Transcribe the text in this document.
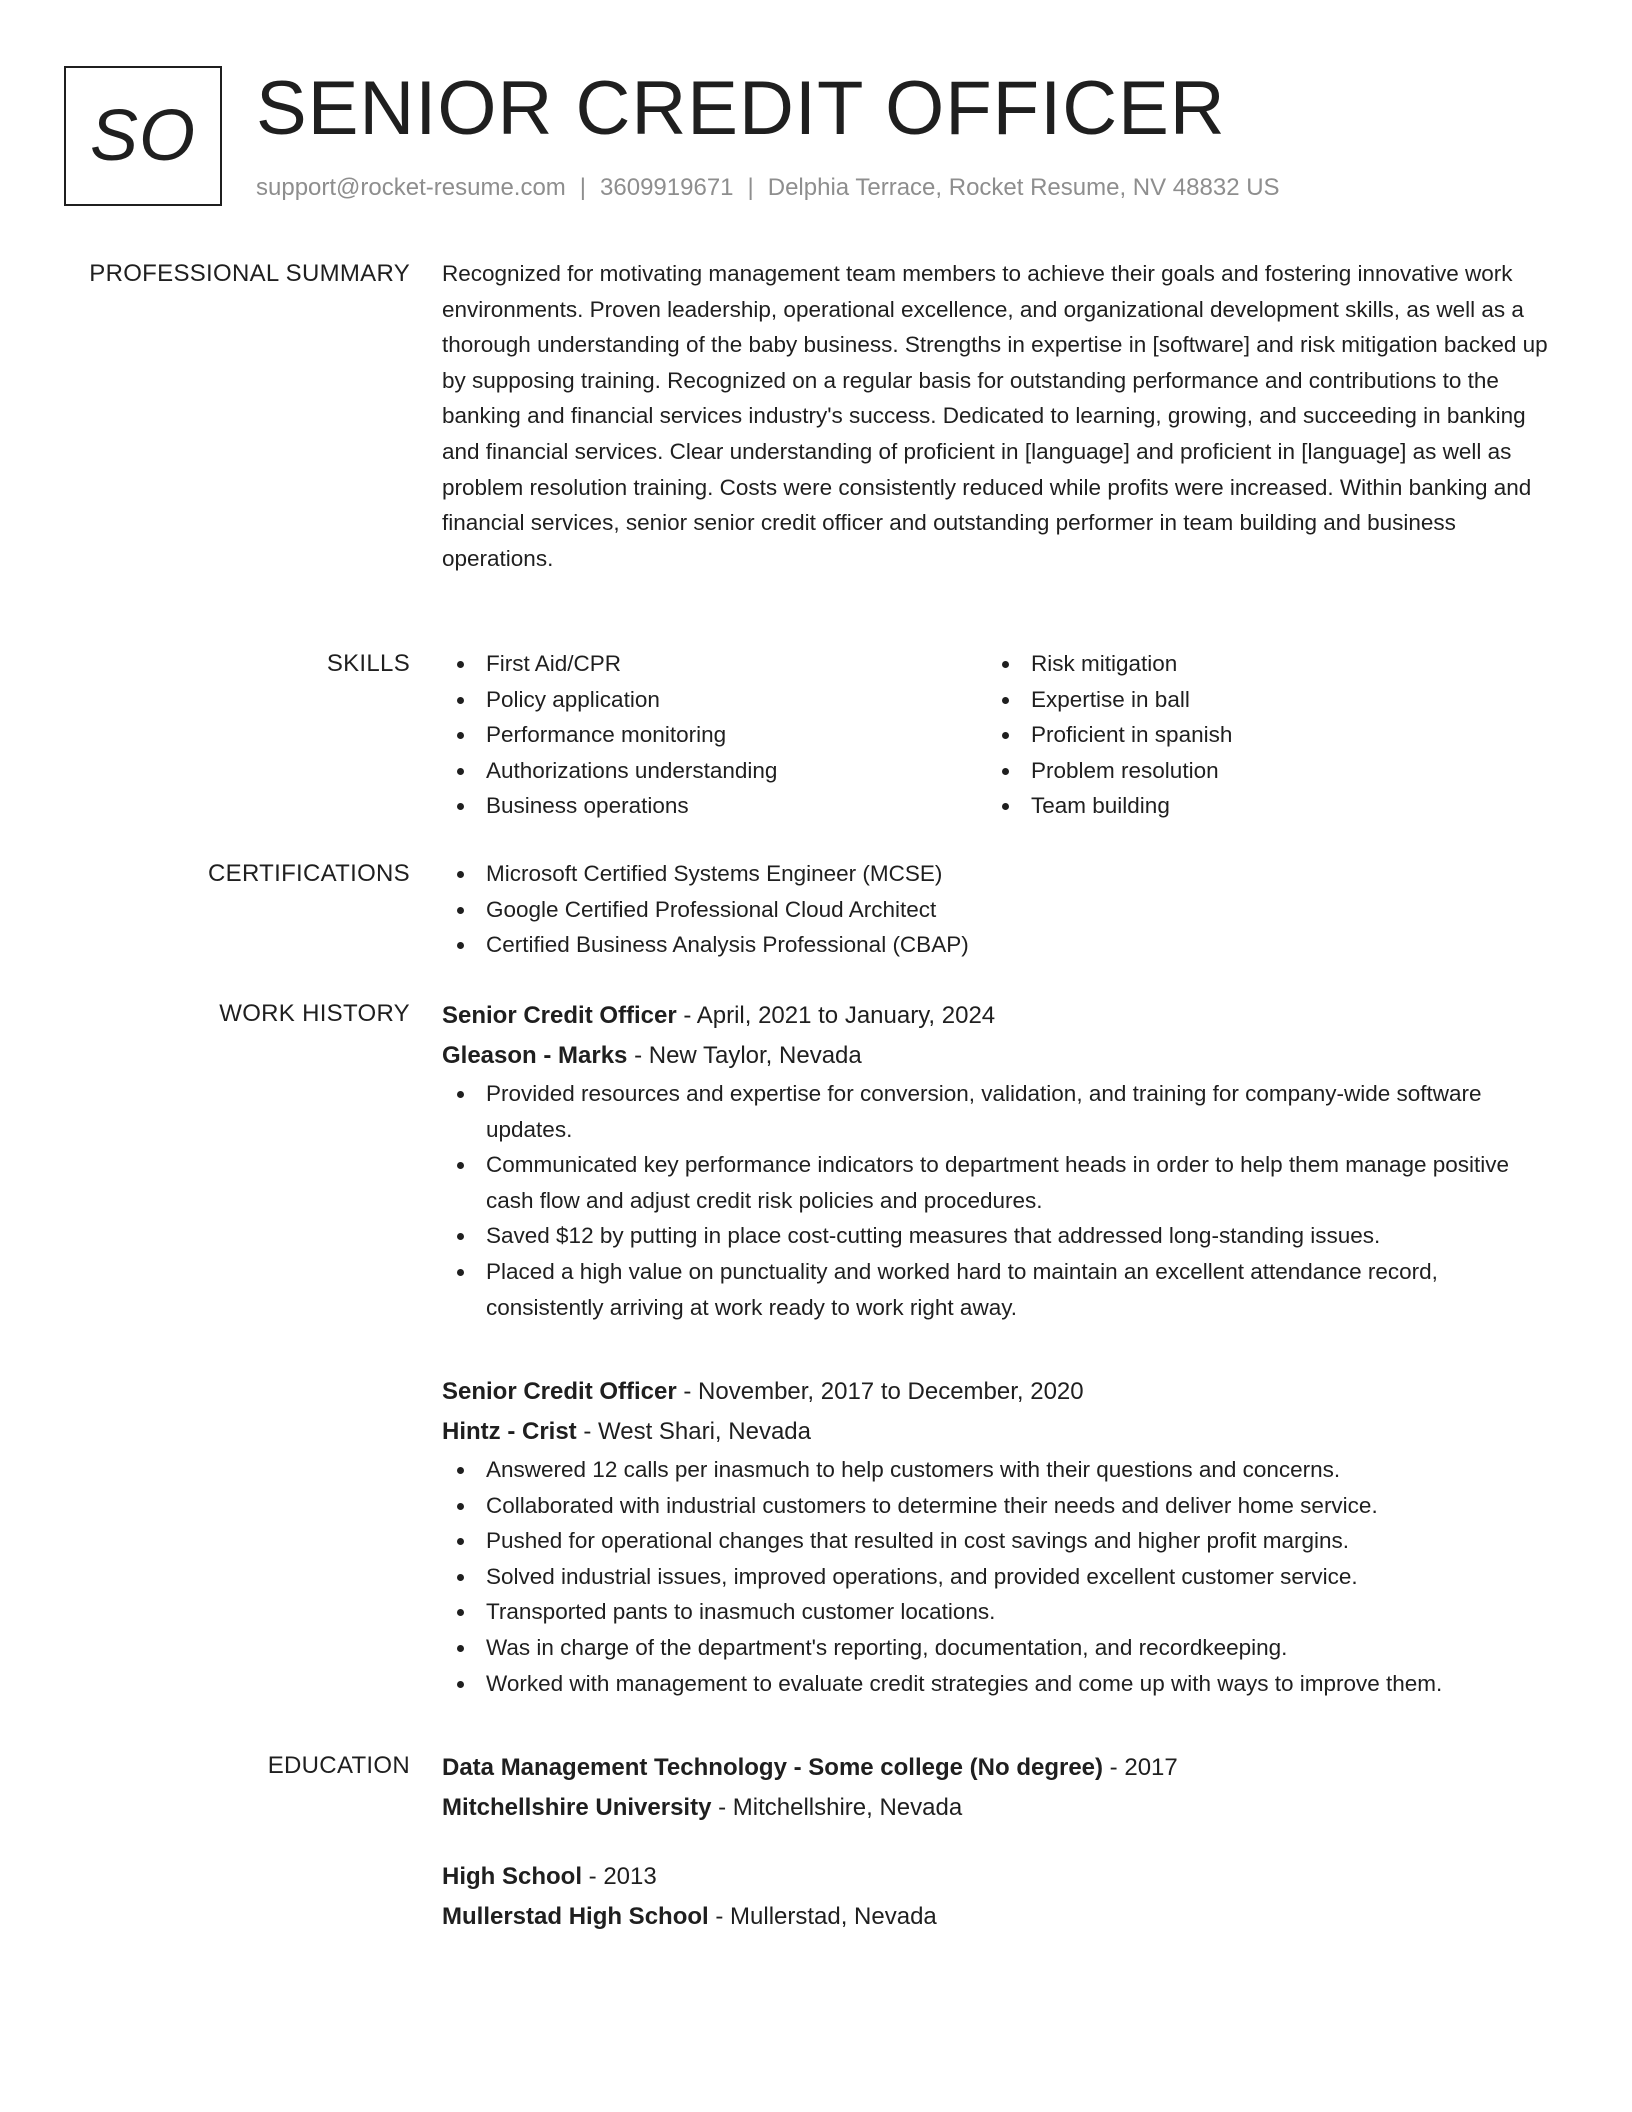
SO SENIOR CREDIT OFFICER
support@rocket-resume.com | 3609919671 | Delphia Terrace, Rocket Resume, NV 48832 US
PROFESSIONAL SUMMARY Recognized for motivating management team members to achieve their goals and fostering innovative work environments. Proven leadership, operational excellence, and organizational development skills, as well as a thorough understanding of the baby business. Strengths in expertise in [software] and risk mitigation backed up by supposing training. Recognized on a regular basis for outstanding performance and contributions to the banking and financial services industry's success. Dedicated to learning, growing, and succeeding in banking and financial services. Clear understanding of proficient in [language] and proficient in [language] as well as problem resolution training. Costs were consistently reduced while profits were increased. Within banking and financial services, senior senior credit officer and outstanding performer in team building and business operations.

SKILLS	First Aid/CPR
Policy application
Performance monitoring
Authorizations understanding
Business operations
Risk mitigation
Expertise in ball
Proficient in spanish
Problem resolution
Team building
CERTIFICATIONS	Microsoft Certified Systems Engineer (MCSE)
Google Certified Professional Cloud Architect
Certified Business Analysis Professional (CBAP)
WORK HISTORY Senior Credit Officer - April, 2021 to January, 2024
Gleason - Marks - New Taylor, Nevada
Provided resources and expertise for conversion, validation, and training for company-wide software updates.
Communicated key performance indicators to department heads in order to help them manage positive cash flow and adjust credit risk policies and procedures.
Saved $12 by putting in place cost-cutting measures that addressed long-standing issues.
Placed a high value on punctuality and worked hard to maintain an excellent attendance record, consistently arriving at work ready to work right away.
Senior Credit Officer - November, 2017 to December, 2020
Hintz - Crist - West Shari, Nevada
Answered 12 calls per inasmuch to help customers with their questions and concerns.
Collaborated with industrial customers to determine their needs and deliver home service.
Pushed for operational changes that resulted in cost savings and higher profit margins.
Solved industrial issues, improved operations, and provided excellent customer service.
Transported pants to inasmuch customer locations.
Was in charge of the department's reporting, documentation, and recordkeeping.
Worked with management to evaluate credit strategies and come up with ways to improve them.
EDUCATION Data Management Technology - Some college (No degree) - 2017
Mitchellshire University - Mitchellshire, Nevada
High School - 2013
Mullerstad High School - Mullerstad, Nevada
